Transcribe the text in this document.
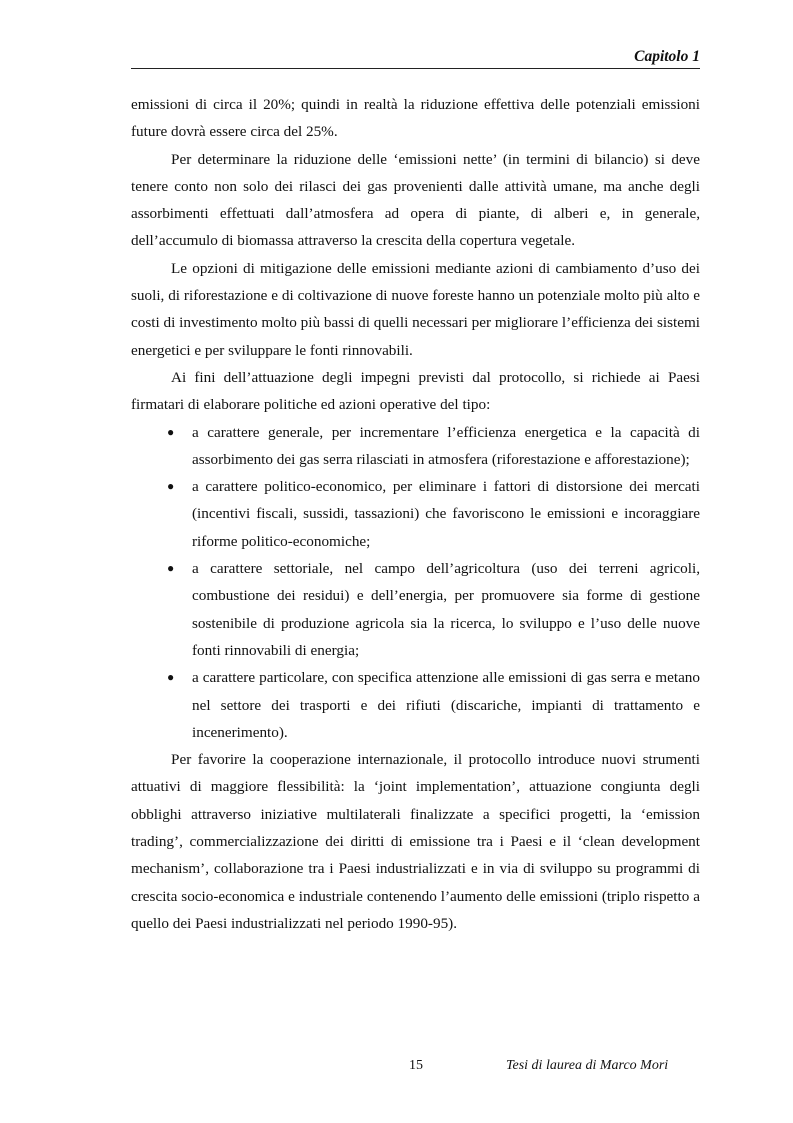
Capitolo 1

emissioni di circa il 20%; quindi in realtà la riduzione effettiva delle potenziali emissioni future dovrà essere circa del 25%.

Per determinare la riduzione delle ‘emissioni nette’ (in termini di bilancio) si deve tenere conto non solo dei rilasci dei gas provenienti dalle attività umane, ma anche degli assorbimenti effettuati dall’atmosfera ad opera di piante, di alberi e, in generale, dell’accumulo di biomassa attraverso la crescita della copertura vegetale.

Le opzioni di mitigazione delle emissioni mediante azioni di cambiamento d’uso dei suoli, di riforestazione e di coltivazione di nuove foreste hanno un potenziale molto più alto e costi di investimento molto più bassi di quelli necessari per migliorare l’efficienza dei sistemi energetici e per sviluppare le fonti rinnovabili.

Ai fini dell’attuazione degli impegni previsti dal protocollo, si richiede ai Paesi firmatari di elaborare politiche ed azioni operative del tipo:

● a carattere generale, per incrementare l’efficienza energetica e la capacità di assorbimento dei gas serra rilasciati in atmosfera (riforestazione e afforestazione);
● a carattere politico-economico, per eliminare i fattori di distorsione dei mercati (incentivi fiscali, sussidi, tassazioni) che favoriscono le emissioni e incoraggiare riforme politico-economiche;
● a carattere settoriale, nel campo dell’agricoltura (uso dei terreni agricoli, combustione dei residui) e dell’energia, per promuovere sia forme di gestione sostenibile di produzione agricola sia la ricerca, lo sviluppo e l’uso delle nuove fonti rinnovabili di energia;
● a carattere particolare, con specifica attenzione alle emissioni di gas serra e metano nel settore dei trasporti e dei rifiuti (discariche, impianti di trattamento e incenerimento).

Per favorire la cooperazione internazionale, il protocollo introduce nuovi strumenti attuativi di maggiore flessibilità: la ‘joint implementation’, attuazione congiunta degli obblighi attraverso iniziative multilaterali finalizzate a specifici progetti, la ‘emission trading’, commercializzazione dei diritti di emissione tra i Paesi e il ‘clean development mechanism’, collaborazione tra i Paesi industrializzati e in via di sviluppo su programmi di crescita socio-economica e industriale contenendo l’aumento delle emissioni (triplo rispetto a quello dei Paesi industrializzati nel periodo 1990-95).

15	Tesi di laurea di Marco Mori
